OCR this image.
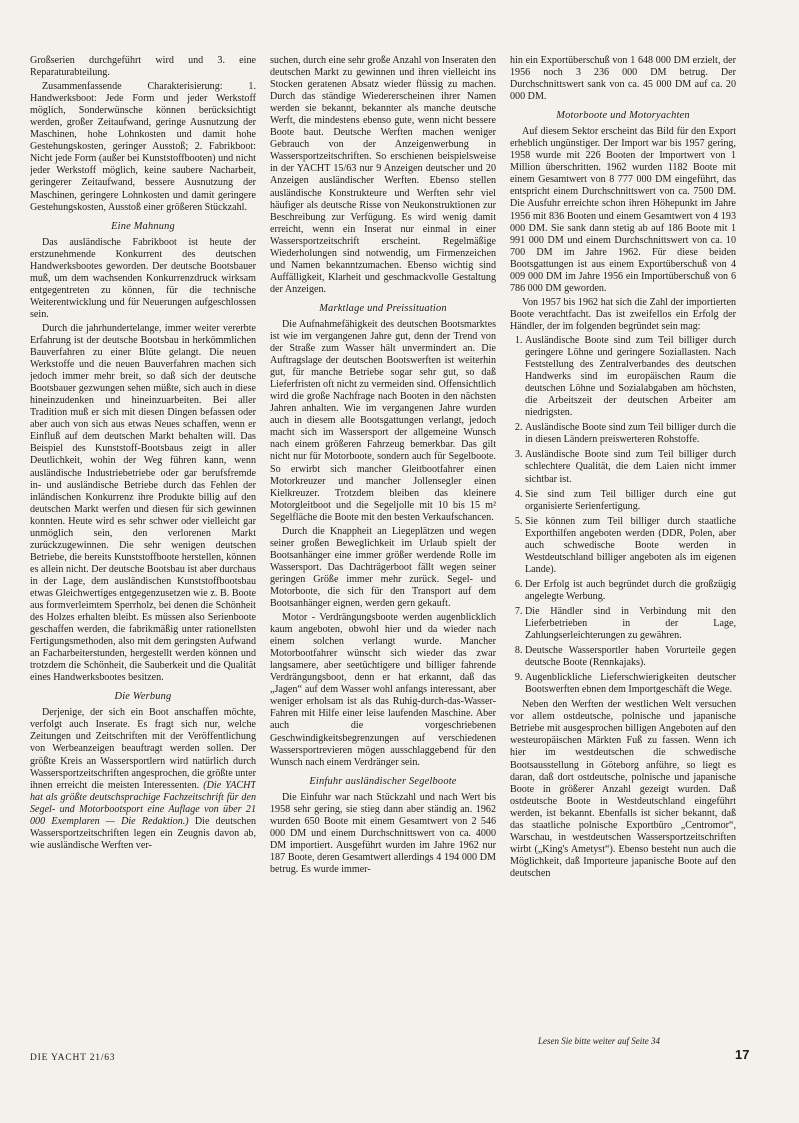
Großserien durchgeführt wird und 3. eine Reparaturabteilung.

Zusammenfassende Charakterisierung: 1. Handwerksboot: Jede Form und jeder Werkstoff möglich, Sonderwünsche können berücksichtigt werden, großer Zeitaufwand, geringe Ausnutzung der Maschinen, hohe Lohnkosten und damit hohe Gestehungskosten, geringer Ausstoß; 2. Fabrikboot: Nicht jede Form (außer bei Kunststoffbooten) und nicht jeder Werkstoff möglich, keine saubere Nacharbeit, geringerer Zeitaufwand, bessere Ausnutzung der Maschinen, geringere Lohnkosten und damit geringere Gestehungskosten, Ausstoß einer größeren Stückzahl.

Eine Mahnung

Das ausländische Fabrikboot ist heute der erstzunehmende Konkurrent des deutschen Handwerksbootes geworden. Der deutsche Bootsbauer muß, um dem wachsenden Konkurrenzdruck wirksam entgegentreten zu können, für die technische Weiterentwicklung und für Neuerungen aufgeschlossen sein.

Durch die jahrhundertelange, immer weiter vererbte Erfahrung ist der deutsche Bootsbau in herkömmlichen Bauverfahren zu einer Blüte gelangt. Die neuen Werkstoffe und die neuen Bauverfahren machen sich jedoch immer mehr breit, so daß sich der deutsche Bootsbauer gezwungen sehen müßte, sich auch in diese hineinzudenken und hineinzuarbeiten. Bei aller Tradition muß er sich mit diesen Dingen befassen oder aber auch von sich aus etwas Neues schaffen, wenn er Einfluß auf dem deutschen Markt behalten will. Das Beispiel des Kunststoff-Bootsbaus zeigt in aller Deutlichkeit, wohin der Weg führen kann, wenn ausländische Industriebetriebe oder gar berufsfremde in- und ausländische Betriebe durch das Fehlen der inländischen Konkurrenz ihre Produkte billig auf den deutschen Markt werfen und diesen für sich gewinnen konnten. Heute wird es sehr schwer oder vielleicht gar unmöglich sein, den verlorenen Markt zurückzugewinnen. Die sehr wenigen deutschen Betriebe, die bereits Kunststoffboote herstellen, können es allein nicht. Der deutsche Bootsbau ist aber durchaus in der Lage, dem ausländischen Kunststoffbootsbau etwas Gleichwertiges entgegenzusetzen wie z. B. Boote aus formverleimtem Sperrholz, bei denen die Schönheit des Holzes erhalten bleibt. Es müssen also Serienboote geschaffen werden, die fabrikmäßig unter rationellsten Fertigungsmethoden, also mit dem geringsten Aufwand an Facharbeiterstunden, hergestellt werden können und trotzdem die Schönheit, die Sauberkeit und die Qualität eines Handwerksbootes besitzen.

Die Werbung

Derjenige, der sich ein Boot anschaffen möchte, verfolgt auch Inserate. Es fragt sich nur, welche Zeitungen und Zeitschriften mit der Veröffentlichung von Werbeanzeigen beauftragt werden sollen. Der größte Kreis an Wassersportlern wird natürlich durch Wassersportzeitschriften angesprochen, die größte unter ihnen erreicht die meisten Interessenten. (Die YACHT hat als größte deutschsprachige Fachzeitschrift für den Segel- und Motorbootsport eine Auflage von über 21 000 Exemplaren — Die Redaktion.) Die deutschen Wassersportzeitschriften legen ein Zeugnis davon ab, wie ausländische Werften ver-

suchen, durch eine sehr große Anzahl von Inseraten den deutschen Markt zu gewinnen und ihren vielleicht ins Stocken geratenen Absatz wieder flüssig zu machen. Durch das ständige Wiedererscheinen ihrer Namen werden sie bekannt, bekannter als manche deutsche Werft, die mindestens ebenso gute, wenn nicht bessere Boote baut. Deutsche Werften machen weniger Gebrauch von der Anzeigenwerbung in Wassersportzeitschriften. So erschienen beispielsweise in der YACHT 15/63 nur 9 Anzeigen deutscher und 20 Anzeigen ausländischer Werften. Ebenso stellen ausländische Konstrukteure und Werften sehr viel häufiger als deutsche Risse von Neukonstruktionen zur Beschreibung zur Verfügung. Es wird wenig damit erreicht, wenn ein Inserat nur einmal in einer Wassersportzeitschrift erscheint. Regelmäßige Wiederholungen sind notwendig, um Firmenzeichen und Namen bekanntzumachen. Ebenso wichtig sind Auffälligkeit, Klarheit und geschmackvolle Gestaltung der Anzeigen.

Marktlage und Preissituation

Die Aufnahmefähigkeit des deutschen Bootsmarktes ist wie im vergangenen Jahre gut, denn der Trend von der Straße zum Wasser hält unvermindert an. Die Auftragslage der deutschen Bootswerften ist weiterhin gut, für manche Betriebe sogar sehr gut, so daß Lieferfristen oft nicht zu vermeiden sind. Offensichtlich wird die große Nachfrage nach Booten in den nächsten Jahren anhalten. Wie im vergangenen Jahre wurden auch in diesem alle Bootsgattungen verlangt, jedoch macht sich im Wassersport der allgemeine Wunsch nach einem größeren Fahrzeug bemerkbar. Das gilt nicht nur für Motorboote, sondern auch für Segelboote. So erwirbt sich mancher Gleitbootfahrer einen Motorkreuzer und mancher Jollensegler einen Kielkreuzer. Trotzdem bleiben das kleinere Motorgleitboot und die Segeljolle mit 10 bis 15 m² Segelfläche die Boote mit den besten Verkaufschancen.

Durch die Knappheit an Liegeplätzen und wegen seiner großen Beweglichkeit im Urlaub spielt der Bootsanhänger eine immer größer werdende Rolle im Wassersport. Das Dachträgerboot fällt wegen seiner geringen Größe immer mehr zurück. Segel- und Motorboote, die sich für den Transport auf dem Bootsanhänger eignen, werden gern gekauft.

Motor - Verdrängungsboote werden augenblicklich kaum angeboten, obwohl hier und da wieder nach einem solchen verlangt wurde. Mancher Motorbootfahrer wünscht sich wieder das zwar langsamere, aber seetüchtigere und billiger fahrende Verdrängungsboot, denn er hat erkannt, daß das „Jagen“ auf dem Wasser wohl anfangs interessant, aber weniger erholsam ist als das Ruhig-durch-das-Wasser-Fahren mit Hilfe einer leise laufenden Maschine. Aber auch die vorgeschriebenen Geschwindigkeitsbegrenzungen auf verschiedenen Wassersportrevieren mögen ausschlaggebend für den Wunsch nach einem Verdränger sein.

Einfuhr ausländischer Segelboote

Die Einfuhr war nach Stückzahl und nach Wert bis 1958 sehr gering, sie stieg dann aber ständig an. 1962 wurden 650 Boote mit einem Gesamtwert von 2 546 000 DM und einem Durchschnittswert von ca. 4000 DM importiert. Ausgeführt wurden im Jahre 1962 nur 187 Boote, deren Gesamtwert allerdings 4 194 000 DM betrug. Es wurde immer-

hin ein Exportüberschuß von 1 648 000 DM erzielt, der 1956 noch 3 236 000 DM betrug. Der Durchschnittswert sank von ca. 45 000 DM auf ca. 20 000 DM.

Motorboote und Motoryachten

Auf diesem Sektor erscheint das Bild für den Export erheblich ungünstiger. Der Import war bis 1957 gering, 1958 wurde mit 226 Booten der Importwert von 1 Million überschritten. 1962 wurden 1182 Boote mit einem Gesamtwert von 8 777 000 DM eingeführt, das entspricht einem Durchschnittswert von ca. 7500 DM. Die Ausfuhr erreichte schon ihren Höhepunkt im Jahre 1956 mit 836 Booten und einem Gesamtwert von 4 193 000 DM. Sie sank dann stetig ab auf 186 Boote mit 1 991 000 DM und einem Durchschnittswert von ca. 10 700 DM im Jahre 1962. Für diese beiden Bootsgattungen ist aus einem Exportüberschuß von 4 009 000 DM im Jahre 1956 ein Importüberschuß von 6 786 000 DM geworden.

Von 1957 bis 1962 hat sich die Zahl der importierten Boote verachtfacht. Das ist zweifellos ein Erfolg der Händler, der im folgenden begründet sein mag:

1. Ausländische Boote sind zum Teil billiger durch geringere Löhne und geringere Soziallasten. Nach Feststellung des Zentralverbandes des deutschen Handwerks sind im europäischen Raum die deutschen Löhne und Sozialabgaben am höchsten, die Arbeitszeit der deutschen Arbeiter am niedrigsten.
2. Ausländische Boote sind zum Teil billiger durch die in diesen Ländern preiswerteren Rohstoffe.
3. Ausländische Boote sind zum Teil billiger durch schlechtere Qualität, die dem Laien nicht immer sichtbar ist.
4. Sie sind zum Teil billiger durch eine gut organisierte Serienfertigung.
5. Sie können zum Teil billiger durch staatliche Exporthilfen angeboten werden (DDR, Polen, aber auch schwedische Boote werden in Westdeutschland billiger angeboten als im eigenen Lande).
6. Der Erfolg ist auch begründet durch die großzügig angelegte Werbung.
7. Die Händler sind in Verbindung mit den Lieferbetrieben in der Lage, Zahlungserleichterungen zu gewähren.
8. Deutsche Wassersportler haben Vorurteile gegen deutsche Boote (Rennkajaks).
9. Augenblickliche Lieferschwierigkeiten deutscher Bootswerften ebnen dem Importgeschäft die Wege.

Neben den Werften der westlichen Welt versuchen vor allem ostdeutsche, polnische und japanische Betriebe mit ausgesprochen billigen Angeboten auf den westeuropäischen Märkten Fuß zu fassen. Wenn ich hier im westdeutschen die schwedische Bootsausstellung in Göteborg anführe, so liegt es daran, daß dort ostdeutsche, polnische und japanische Boote in größerer Anzahl gezeigt wurden. Daß ostdeutsche Boote in Westdeutschland eingeführt werden, ist bekannt. Ebenfalls ist sicher bekannt, daß das staatliche polnische Exportbüro „Centromor“, Warschau, in westdeutschen Wassersportzeitschriften wirbt („King's Ametyst“). Ebenso besteht nun auch die Möglichkeit, daß Importeure japanische Boote auf den deutschen

DIE YACHT 21/63
Lesen Sie bitte weiter auf Seite 34
17
